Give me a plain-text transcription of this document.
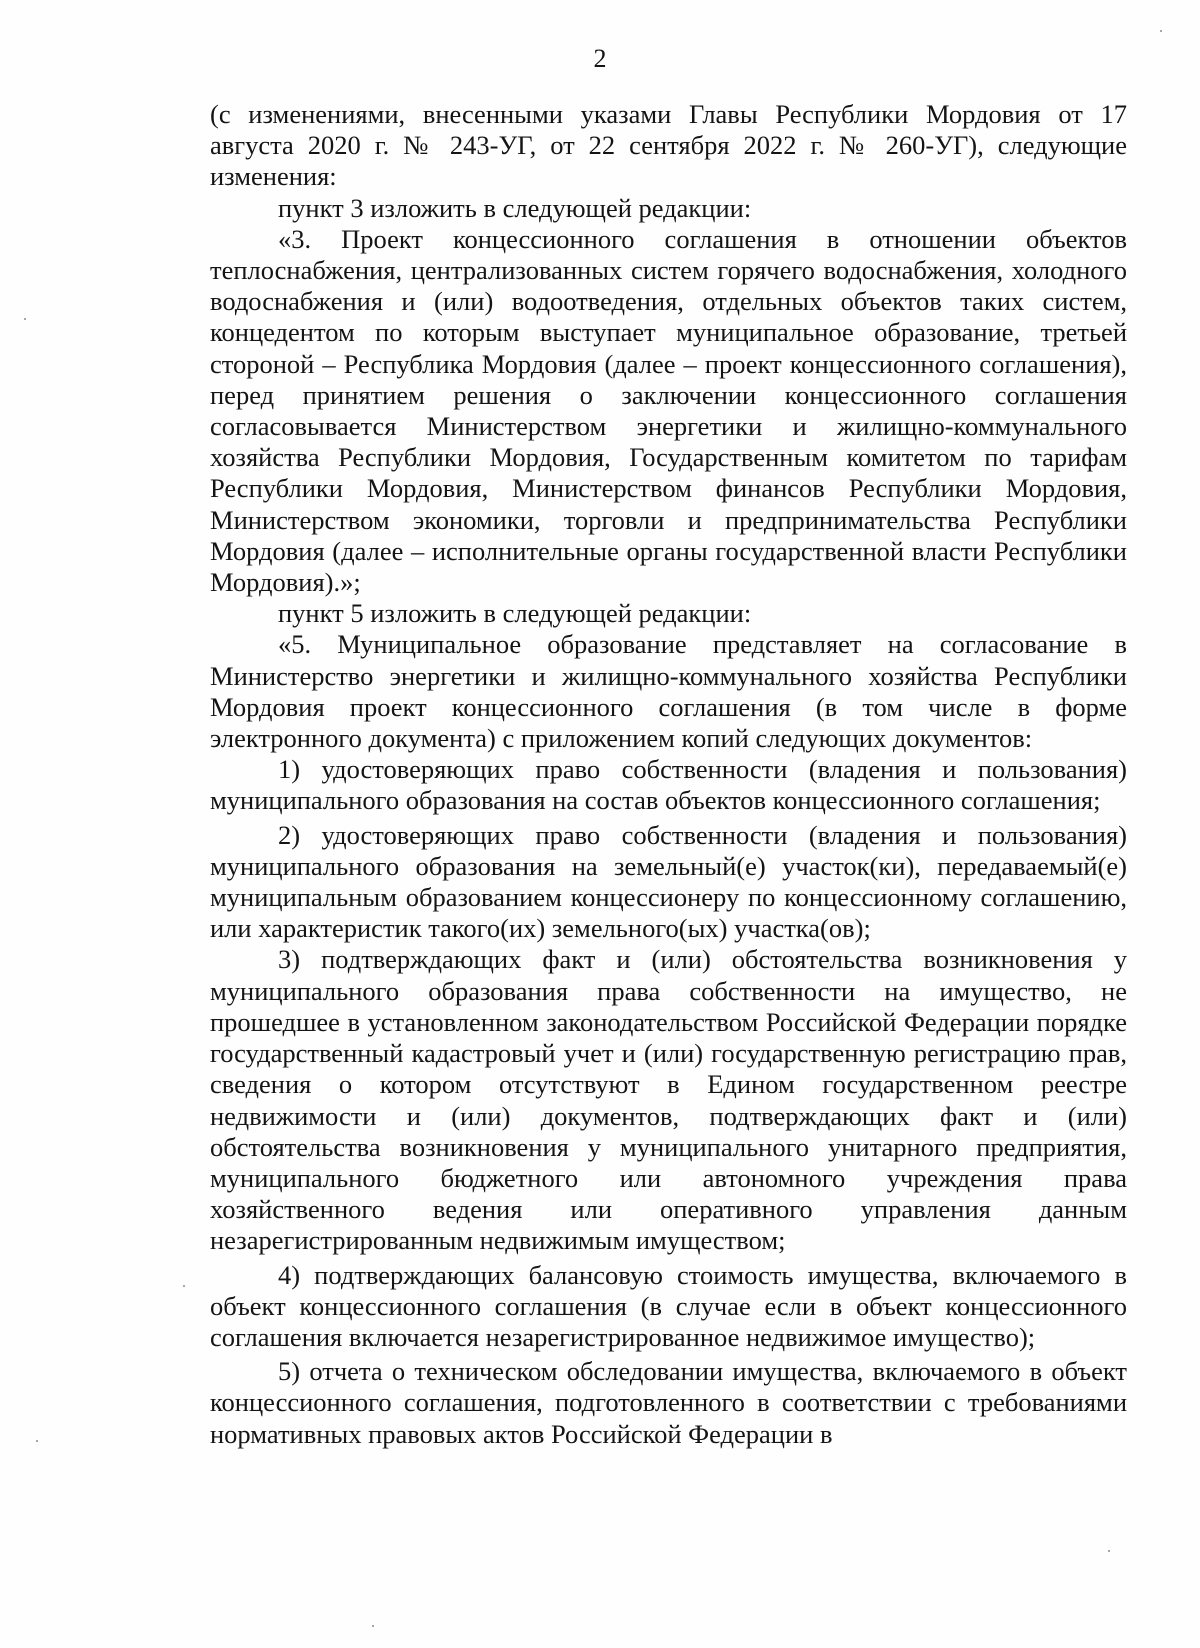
2

(с изменениями, внесенными указами Главы Республики Мордовия от 17 августа 2020 г. № 243-УГ, от 22 сентября 2022 г. № 260-УГ), следующие изменения:

пункт 3 изложить в следующей редакции:

«3. Проект концессионного соглашения в отношении объектов теплоснабжения, централизованных систем горячего водоснабжения, холодного водоснабжения и (или) водоотведения, отдельных объектов таких систем, концедентом по которым выступает муниципальное образование, третьей стороной – Республика Мордовия (далее – проект концессионного соглашения), перед принятием решения о заключении концессионного соглашения согласовывается Министерством энергетики и жилищно-коммунального хозяйства Республики Мордовия, Государственным комитетом по тарифам Республики Мордовия, Министерством финансов Республики Мордовия, Министерством экономики, торговли и предпринимательства Республики Мордовия (далее – исполнительные органы государственной власти Республики Мордовия).»;

пункт 5 изложить в следующей редакции:

«5. Муниципальное образование представляет на согласование в Министерство энергетики и жилищно-коммунального хозяйства Республики Мордовия проект концессионного соглашения (в том числе в форме электронного документа) с приложением копий следующих документов:

1) удостоверяющих право собственности (владения и пользования) муниципального образования на состав объектов концессионного соглашения;

2) удостоверяющих право собственности (владения и пользования) муниципального образования на земельный(е) участок(ки), передаваемый(е) муниципальным образованием концессионеру по концессионному соглашению, или характеристик такого(их) земельного(ых) участка(ов);

3) подтверждающих факт и (или) обстоятельства возникновения у муниципального образования права собственности на имущество, не прошедшее в установленном законодательством Российской Федерации порядке государственный кадастровый учет и (или) государственную регистрацию прав, сведения о котором отсутствуют в Едином государственном реестре недвижимости и (или) документов, подтверждающих факт и (или) обстоятельства возникновения у муниципального унитарного предприятия, муниципального бюджетного или автономного учреждения права хозяйственного ведения или оперативного управления данным незарегистрированным недвижимым имуществом;

4) подтверждающих балансовую стоимость имущества, включаемого в объект концессионного соглашения (в случае если в объект концессионного соглашения включается незарегистрированное недвижимое имущество);

5) отчета о техническом обследовании имущества, включаемого в объект концессионного соглашения, подготовленного в соответствии с требованиями нормативных правовых актов Российской Федерации в
